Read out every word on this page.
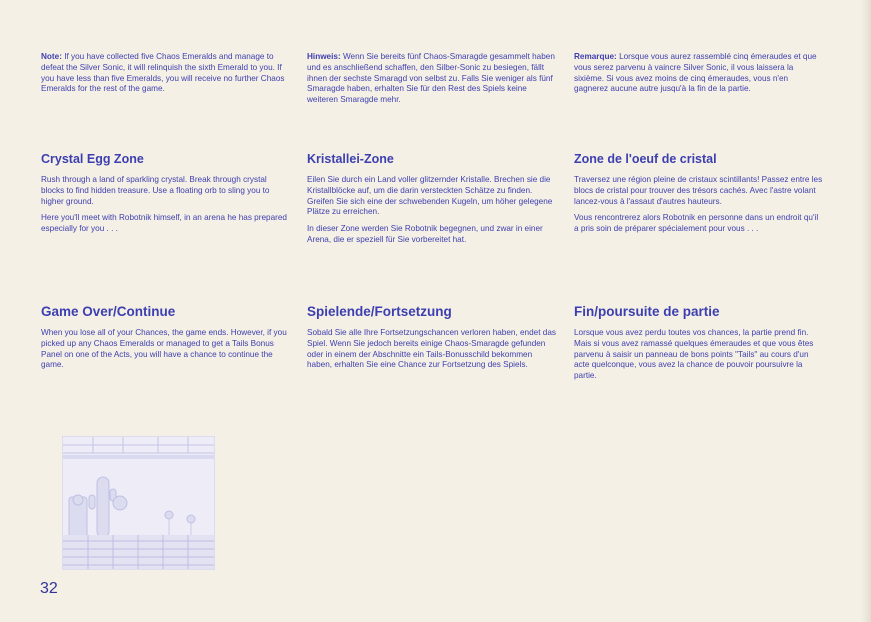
Note: If you have collected five Chaos Emeralds and manage to defeat the Silver Sonic, it will relinquish the sixth Emerald to you. If you have less than five Emeralds, you will receive no further Chaos Emeralds for the rest of the game.

Crystal Egg Zone

Rush through a land of sparkling crystal. Break through crystal blocks to find hidden treasure. Use a floating orb to sling you to higher ground.

Here you'll meet with Robotnik himself, in an arena he has prepared especially for you . . .

Game Over/Continue

When you lose all of your Chances, the game ends. However, if you picked up any Chaos Emeralds or managed to get a Tails Bonus Panel on one of the Acts, you will have a chance to continue the game.

Hinweis: Wenn Sie bereits fünf Chaos-Smaragde gesammelt haben und es anschließend schaffen, den Silber-Sonic zu besiegen, fällt ihnen der sechste Smaragd von selbst zu. Falls Sie weniger als fünf Smaragde haben, erhalten Sie für den Rest des Spiels keine weiteren Smaragde mehr.

Kristallei-Zone

Eilen Sie durch ein Land voller glitzernder Kristalle. Brechen sie die Kristallblöcke auf, um die darin versteckten Schätze zu finden. Greifen Sie sich eine der schwebenden Kugeln, um höher gelegene Plätze zu erreichen.

In dieser Zone werden Sie Robotnik begegnen, und zwar in einer Arena, die er speziell für Sie vorbereitet hat.

Spielende/Fortsetzung

Sobald Sie alle Ihre Fortsetzungschancen verloren haben, endet das Spiel. Wenn Sie jedoch bereits einige Chaos-Smaragde gefunden oder in einem der Abschnitte ein Tails-Bonusschild bekommen haben, erhalten Sie eine Chance zur Fortsetzung des Spiels.

Remarque: Lorsque vous aurez rassemblé cinq émeraudes et que vous serez parvenu à vaincre Silver Sonic, il vous laissera la sixième. Si vous avez moins de cinq émeraudes, vous n'en gagnerez aucune autre jusqu'à la fin de la partie.

Zone de l'oeuf de cristal

Traversez une région pleine de cristaux scintillants! Passez entre les blocs de cristal pour trouver des trésors cachés. Avec l'astre volant lancez-vous à l'assaut d'autres hauteurs.

Vous rencontrerez alors Robotnik en personne dans un endroit qu'il a pris soin de préparer spécialement pour vous . . .

Fin/poursuite de partie

Lorsque vous avez perdu toutes vos chances, la partie prend fin. Mais si vous avez ramassé quelques émeraudes et que vous êtes parvenu à saisir un panneau de bons points "Tails" au cours d'un acte quelconque, vous avez la chance de pouvoir poursuivre la partie.

32
